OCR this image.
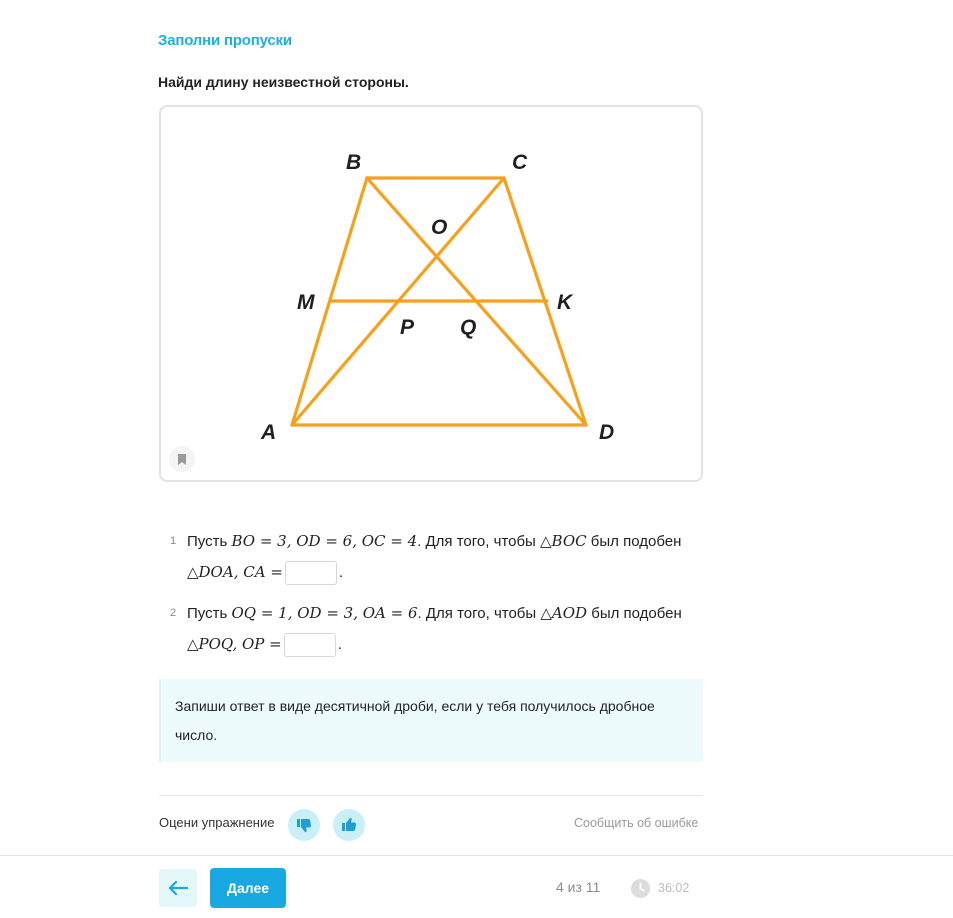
Заполни пропуски
Найди длину неизвестной стороны.
B	C
O
M	K
P Q
A	D
1 Пусть BO = 3, OD = 6, OC = 4. Для того, чтобы △BOC был подобен
△DOA, CA =	.
2 Пусть OQ = 1, OD = 3, OA = 6. Для того, чтобы △AOD был подобен
△POQ, OP =	.
Запиши ответ в виде десятичной дроби, если у тебя получилось дробное число.
Оцени упражнение	Сообщить об ошибке
Далее	4 из 11	36:02
